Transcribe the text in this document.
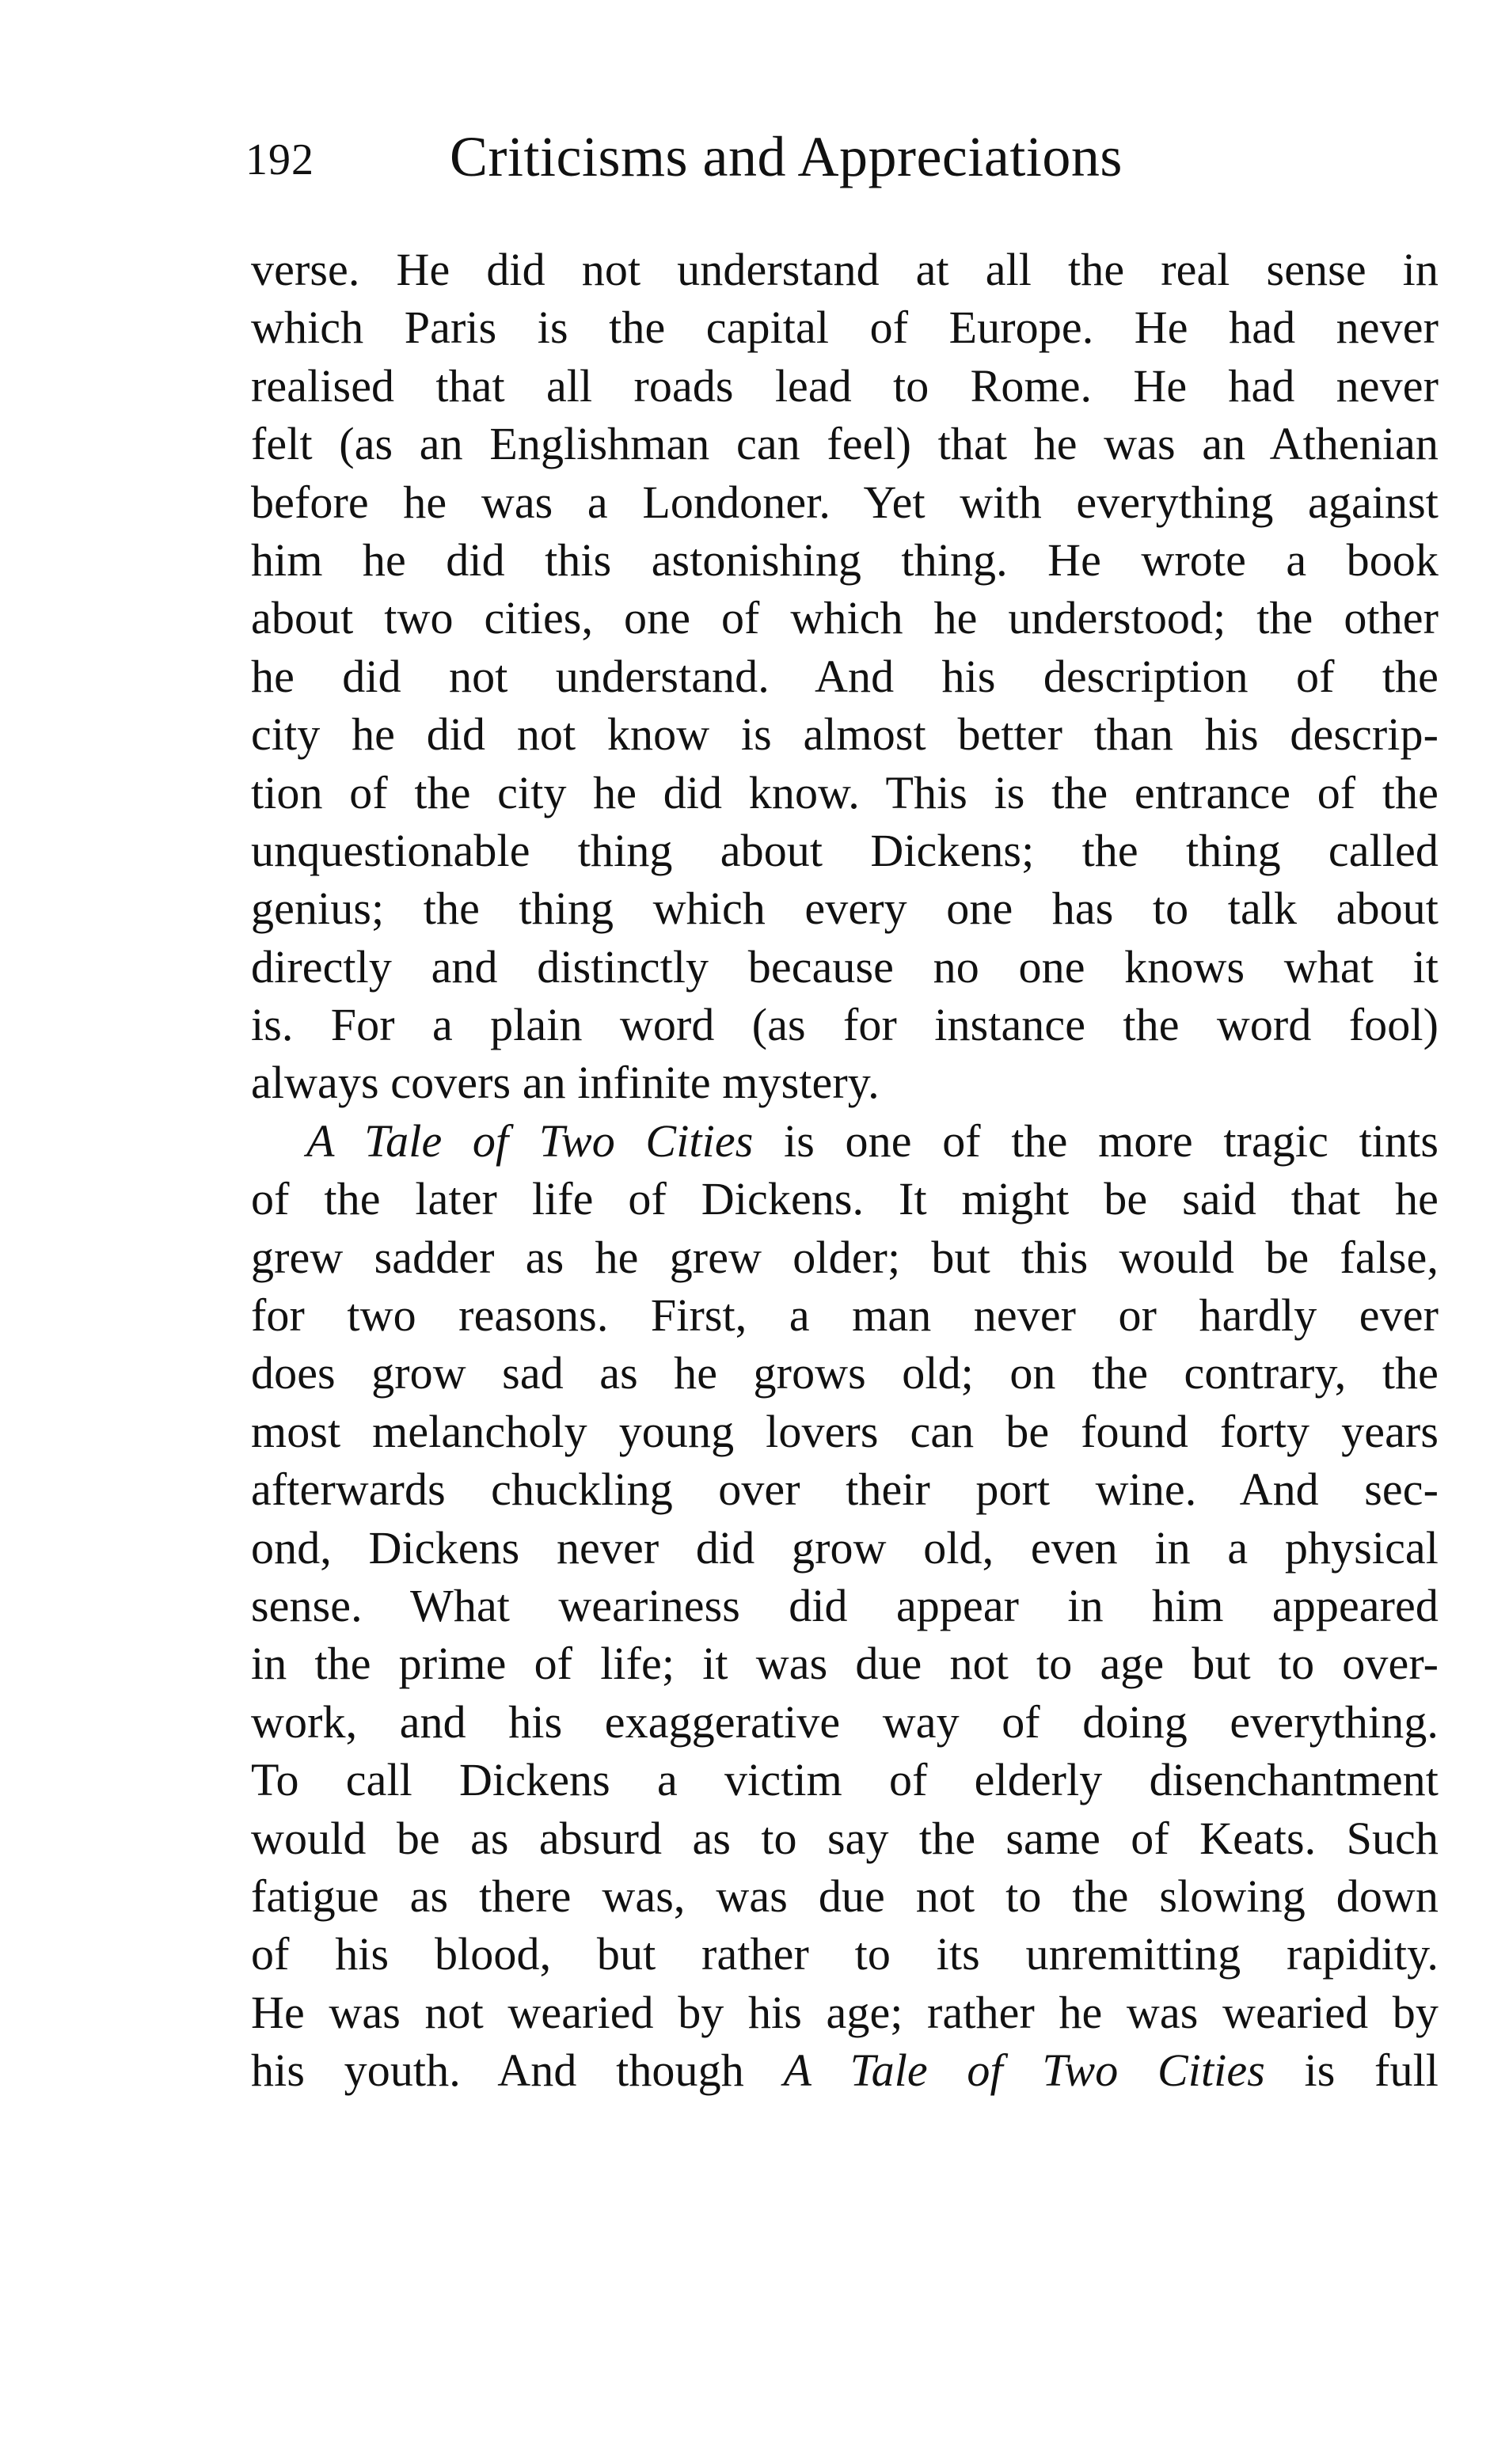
192 Criticisms and Appreciations
verse. He did not understand at all the real sense in
which Paris is the capital of Europe. He had never
realised that all roads lead to Rome. He had never
felt (as an Englishman can feel) that he was an Athenian
before he was a Londoner. Yet with everything against
him he did this astonishing thing. He wrote a book
about two cities, one of which he understood; the other
he did not understand. And his description of the
city he did not know is almost better than his descrip-
tion of the city he did know. This is the entrance of the
unquestionable thing about Dickens; the thing called
genius; the thing which every one has to talk about
directly and distinctly because no one knows what it
is. For a plain word (as for instance the word fool)
always covers an infinite mystery.
A Tale of Two Cities is one of the more tragic tints
of the later life of Dickens. It might be said that he
grew sadder as he grew older; but this would be false,
for two reasons. First, a man never or hardly ever
does grow sad as he grows old; on the contrary, the
most melancholy young lovers can be found forty years
afterwards chuckling over their port wine. And sec-
ond, Dickens never did grow old, even in a physical
sense. What weariness did appear in him appeared
in the prime of life; it was due not to age but to over-
work, and his exaggerative way of doing everything.
To call Dickens a victim of elderly disenchantment
would be as absurd as to say the same of Keats. Such
fatigue as there was, was due not to the slowing down
of his blood, but rather to its unremitting rapidity.
He was not wearied by his age; rather he was wearied by
his youth. And though A Tale of Two Cities is full
